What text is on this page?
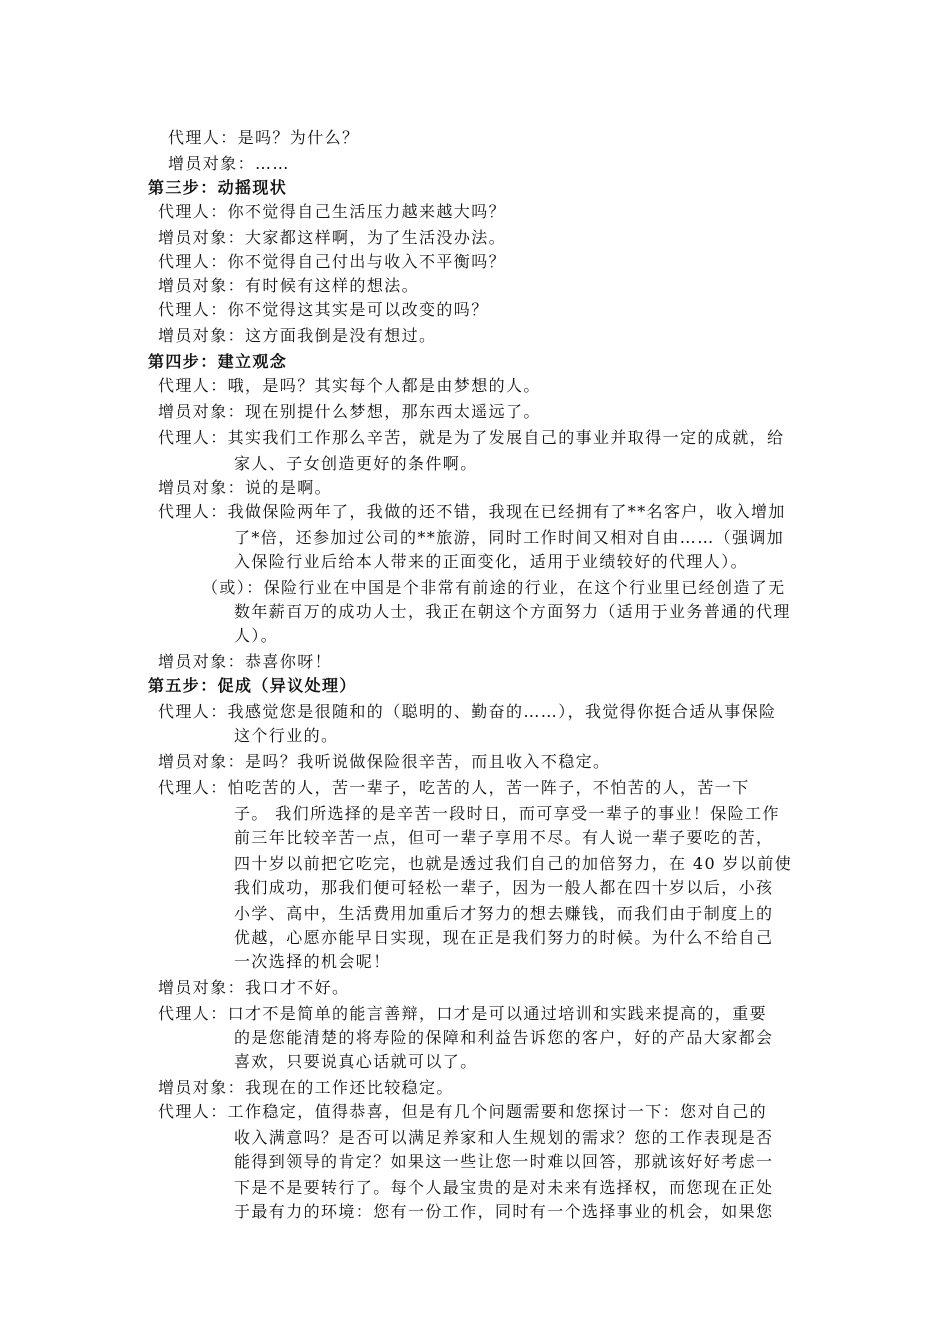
代理人：是吗？为什么？
增员对象：……
第三步：动摇现状
代理人：你不觉得自己生活压力越来越大吗？
增员对象：大家都这样啊，为了生活没办法。
代理人：你不觉得自己付出与收入不平衡吗？
增员对象：有时候有这样的想法。
代理人：你不觉得这其实是可以改变的吗？
增员对象：这方面我倒是没有想过。
第四步：建立观念
代理人：哦，是吗？其实每个人都是由梦想的人。
增员对象：现在别提什么梦想，那东西太遥远了。
代理人：其实我们工作那么辛苦，就是为了发展自己的事业并取得一定的成就，给
家人、子女创造更好的条件啊。
增员对象：说的是啊。
代理人：我做保险两年了，我做的还不错，我现在已经拥有了**名客户，收入增加
了*倍，还参加过公司的**旅游，同时工作时间又相对自由……（强调加
入保险行业后给本人带来的正面变化，适用于业绩较好的代理人）。
（或）：保险行业在中国是个非常有前途的行业，在这个行业里已经创造了无
数年薪百万的成功人士，我正在朝这个方面努力（适用于业务普通的代理
人）。
增员对象：恭喜你呀！
第五步：促成（异议处理）
代理人：我感觉您是很随和的（聪明的、勤奋的……），我觉得你挺合适从事保险
这个行业的。
增员对象：是吗？我听说做保险很辛苦，而且收入不稳定。
代理人：怕吃苦的人，苦一辈子，吃苦的人，苦一阵子，不怕苦的人，苦一下
子。 我们所选择的是辛苦一段时日，而可享受一辈子的事业！保险工作
前三年比较辛苦一点，但可一辈子享用不尽。有人说一辈子要吃的苦，
四十岁以前把它吃完，也就是透过我们自己的加倍努力，在 40 岁以前使
我们成功，那我们便可轻松一辈子，因为一般人都在四十岁以后，小孩
小学、高中，生活费用加重后才努力的想去赚钱，而我们由于制度上的
优越，心愿亦能早日实现，现在正是我们努力的时候。为什么不给自己
一次选择的机会呢！
增员对象：我口才不好。
代理人：口才不是简单的能言善辩，口才是可以通过培训和实践来提高的，重要
的是您能清楚的将寿险的保障和利益告诉您的客户，好的产品大家都会
喜欢，只要说真心话就可以了。
增员对象：我现在的工作还比较稳定。
代理人：工作稳定，值得恭喜，但是有几个问题需要和您探讨一下：您对自己的
收入满意吗？是否可以满足养家和人生规划的需求？您的工作表现是否
能得到领导的肯定？如果这一些让您一时难以回答，那就该好好考虑一
下是不是要转行了。每个人最宝贵的是对未来有选择权，而您现在正处
于最有力的环境：您有一份工作，同时有一个选择事业的机会，如果您
